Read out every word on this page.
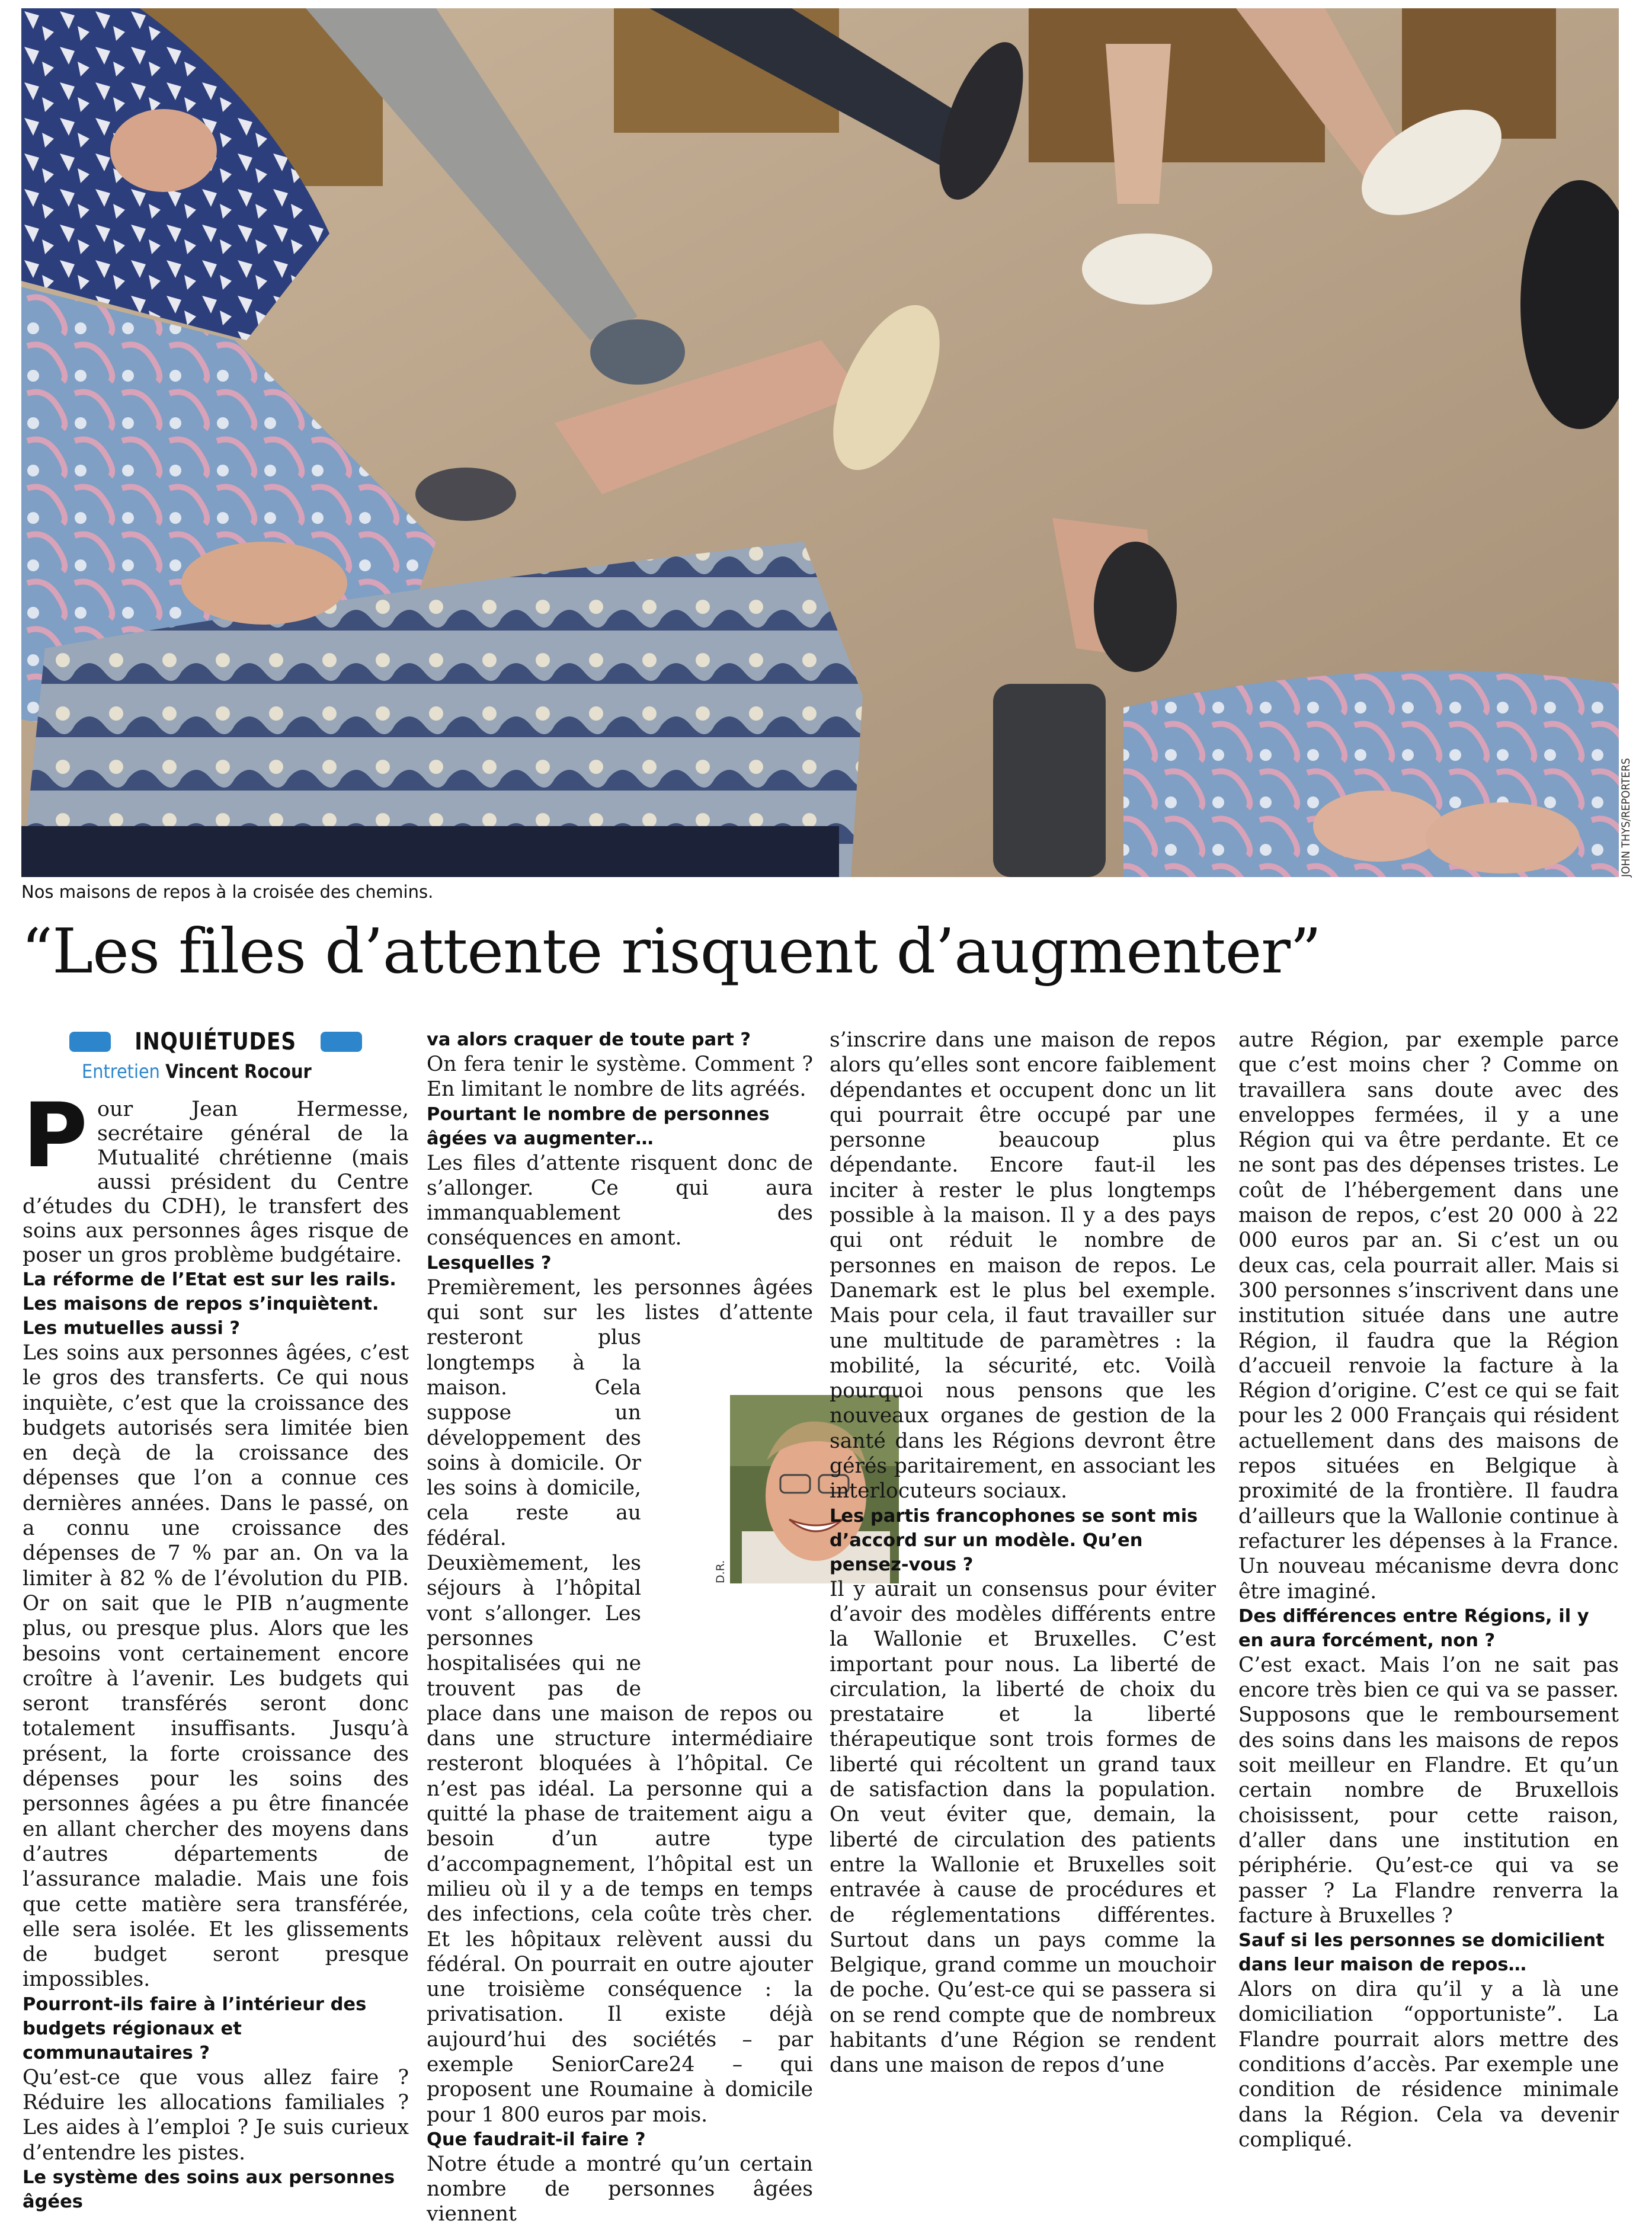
JOHN THYS/REPORTERS
Nos maisons de repos à la croisée des chemins.
“Les files d’attente risquent d’augmenter”
INQUIÉTUDES
Entretien Vincent Rocour

Pour Jean Hermesse, secrétaire général de la Mutualité chrétienne (mais aussi président du Centre d’études du CDH), le transfert des soins aux personnes âges risque de poser un gros problème budgétaire.

La réforme de l’Etat est sur les rails. Les maisons de repos s’inquiètent. Les mutuelles aussi ?

Les soins aux personnes âgées, c’est le gros des transferts. Ce qui nous inquiète, c’est que la croissance des budgets autorisés sera limitée bien en deçà de la croissance des dépenses que l’on a connue ces dernières années. Dans le passé, on a connu une croissance des dépenses de 7 % par an. On va la limiter à 82 % de l’évolution du PIB. Or on sait que le PIB n’augmente plus, ou presque plus. Alors que les besoins vont certainement encore croître à l’avenir. Les budgets qui seront transférés seront donc totalement insuffisants. Jusqu’à présent, la forte croissance des dépenses pour les soins des personnes âgées a pu être financée en allant chercher des moyens dans d’autres départements de l’assurance maladie. Mais une fois que cette matière sera transférée, elle sera isolée. Et les glissements de budget seront presque impossibles.

Pourront-ils faire à l’intérieur des budgets régionaux et communautaires ?

Qu’est-ce que vous allez faire ? Réduire les allocations familiales ? Les aides à l’emploi ? Je suis curieux d’entendre les pistes.

Le système des soins aux personnes âgées

va alors craquer de toute part ?

On fera tenir le système. Comment ? En limitant le nombre de lits agréés.

Pourtant le nombre de personnes âgées va augmenter…

Les files d’attente risquent donc de s’allonger. Ce qui aura immanquablement des conséquences en amont.

Lesquelles ?

Premièrement, les personnes âgées qui sont sur les listes d’attente resteront plus longtemps à la maison. Cela suppose un développement des soins à domicile. Or les soins à domicile, cela reste au fédéral. Deuxièmement, les séjours à l’hôpital vont s’allonger. Les personnes hospitalisées qui ne trouvent pas de place dans une maison de repos ou dans une structure intermédiaire resteront bloquées à l’hôpital. Ce n’est pas idéal. La personne qui a quitté la phase de traitement aigu a besoin d’un autre type d’accompagnement, l’hôpital est un milieu où il y a de temps en temps des infections, cela coûte très cher. Et les hôpitaux relèvent aussi du fédéral. On pourrait en outre ajouter une troisième conséquence : la privatisation. Il existe déjà aujourd’hui des sociétés – par exemple SeniorCare24 – qui proposent une Roumaine à domicile pour 1 800 euros par mois.

Que faudrait-il faire ?

Notre étude a montré qu’un certain nombre de personnes âgées viennent

D.R.

s’inscrire dans une maison de repos alors qu’elles sont encore faiblement dépendantes et occupent donc un lit qui pourrait être occupé par une personne beaucoup plus dépendante. Encore faut-il les inciter à rester le plus longtemps possible à la maison. Il y a des pays qui ont réduit le nombre de personnes en maison de repos. Le Danemark est le plus bel exemple. Mais pour cela, il faut travailler sur une multitude de paramètres : la mobilité, la sécurité, etc. Voilà pourquoi nous pensons que les nouveaux organes de gestion de la santé dans les Régions devront être gérés paritairement, en associant les interlocuteurs sociaux.

Les partis francophones se sont mis d’accord sur un modèle. Qu’en pensez-vous ?

Il y aurait un consensus pour éviter d’avoir des modèles différents entre la Wallonie et Bruxelles. C’est important pour nous. La liberté de circulation, la liberté de choix du prestataire et la liberté thérapeutique sont trois formes de liberté qui récoltent un grand taux de satisfaction dans la population. On veut éviter que, demain, la liberté de circulation des patients entre la Wallonie et Bruxelles soit entravée à cause de procédures et de réglementations différentes. Surtout dans un pays comme la Belgique, grand comme un mouchoir de poche. Qu’est-ce qui se passera si on se rend compte que de nombreux habitants d’une Région se rendent dans une maison de repos d’une

autre Région, par exemple parce que c’est moins cher ? Comme on travaillera sans doute avec des enveloppes fermées, il y a une Région qui va être perdante. Et ce ne sont pas des dépenses tristes. Le coût de l’hébergement dans une maison de repos, c’est 20 000 à 22 000 euros par an. Si c’est un ou deux cas, cela pourrait aller. Mais si 300 personnes s’inscrivent dans une institution située dans une autre Région, il faudra que la Région d’accueil renvoie la facture à la Région d’origine. C’est ce qui se fait pour les 2 000 Français qui résident actuellement dans des maisons de repos situées en Belgique à proximité de la frontière. Il faudra d’ailleurs que la Wallonie continue à refacturer les dépenses à la France. Un nouveau mécanisme devra donc être imaginé.

Des différences entre Régions, il y en aura forcément, non ?

C’est exact. Mais l’on ne sait pas encore très bien ce qui va se passer. Supposons que le remboursement des soins dans les maisons de repos soit meilleur en Flandre. Et qu’un certain nombre de Bruxellois choisissent, pour cette raison, d’aller dans une institution en périphérie. Qu’est-ce qui va se passer ? La Flandre renverra la facture à Bruxelles ?

Sauf si les personnes se domicilient dans leur maison de repos…

Alors on dira qu’il y a là une domiciliation “opportuniste”. La Flandre pourrait alors mettre des conditions d’accès. Par exemple une condition de résidence minimale dans la Région. Cela va devenir compliqué.
